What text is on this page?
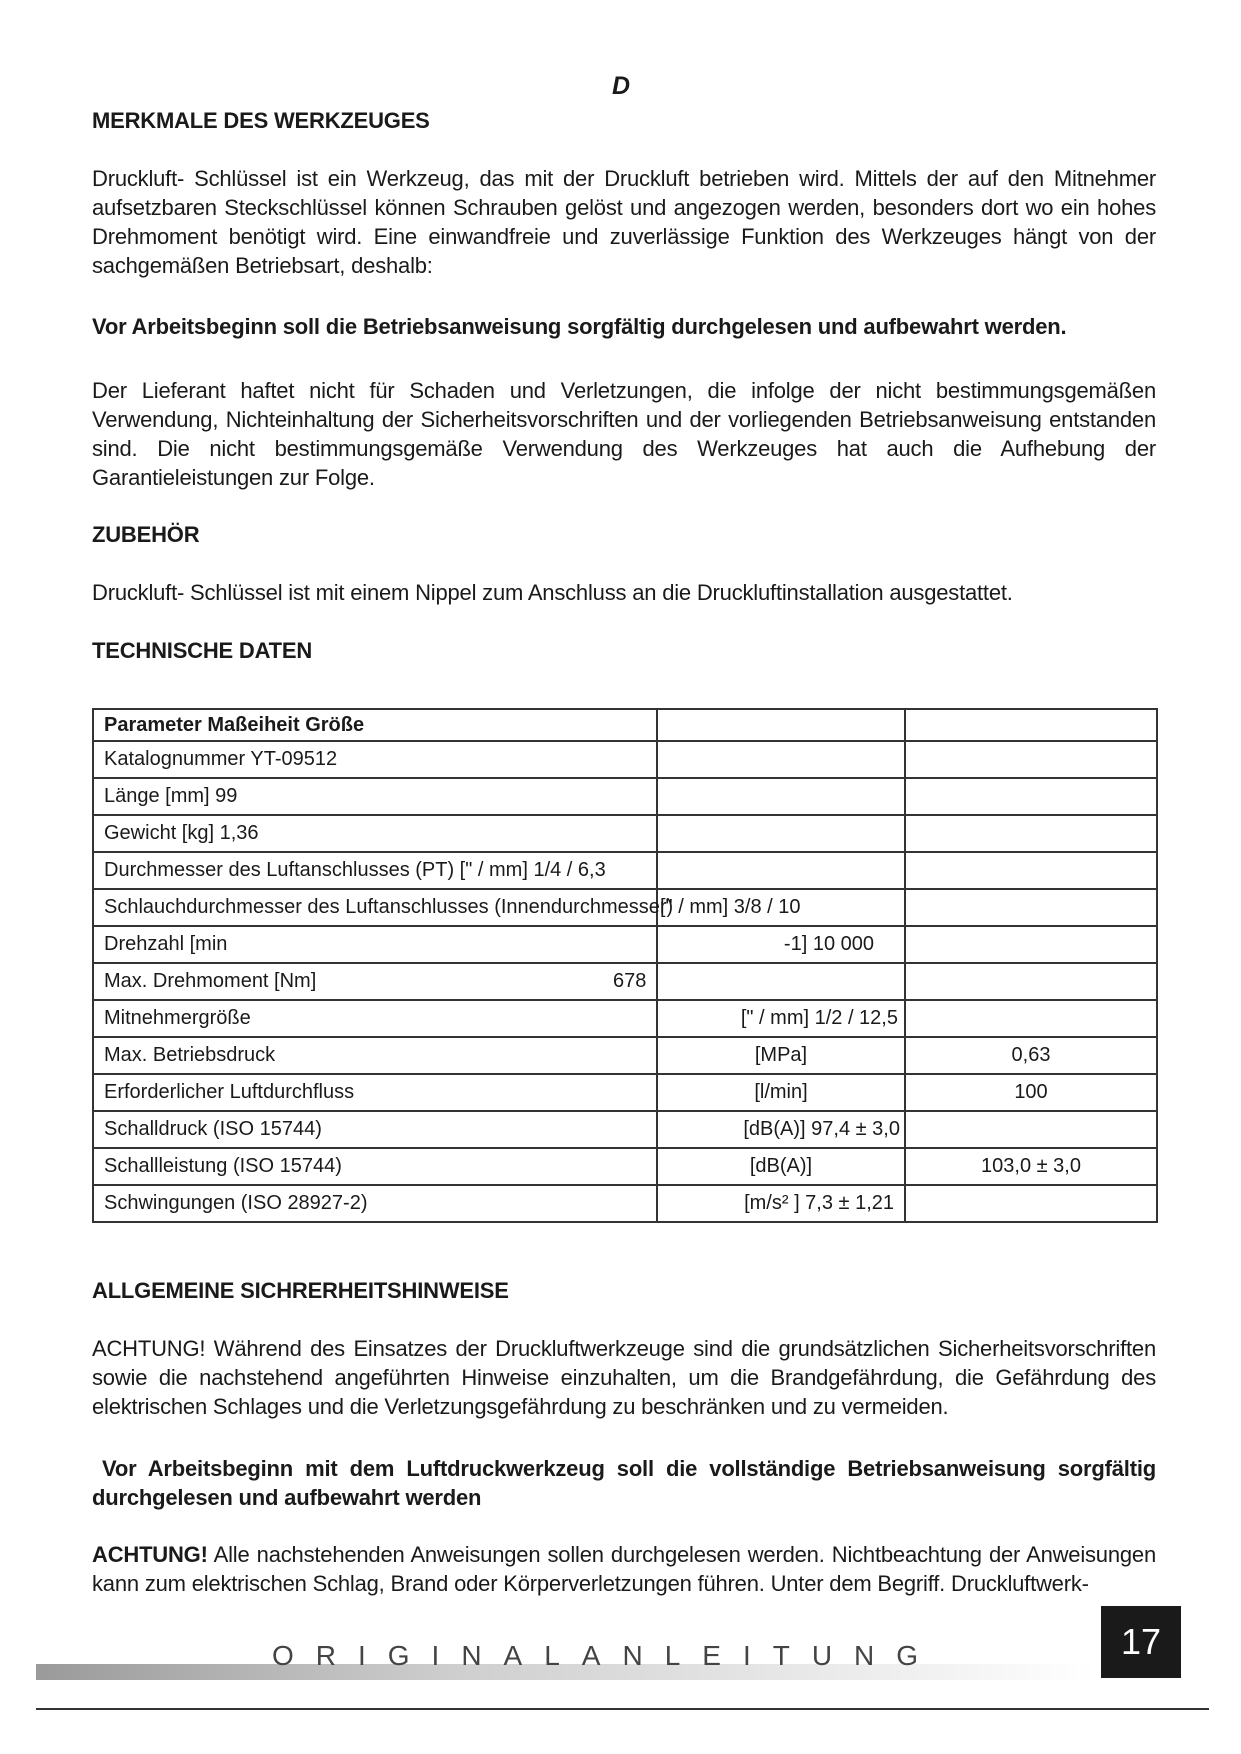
D
MERKMALE DES WERKZEUGES

Druckluft- Schlüssel ist ein Werkzeug, das mit der Druckluft betrieben wird. Mittels der auf den Mitnehmer aufsetzbaren Steckschlüssel können Schrauben gelöst und angezogen werden, besonders dort wo ein hohes Drehmoment benötigt wird. Eine einwandfreie und zuverlässige Funktion des Werkzeuges hängt von der sachgemäßen Betriebsart, deshalb:

Vor Arbeitsbeginn soll die Betriebsanweisung sorgfältig durchgelesen und aufbewahrt werden.

Der Lieferant haftet nicht für Schaden und Verletzungen, die infolge der nicht bestimmungsgemäßen Verwendung, Nichteinhaltung der Sicherheitsvorschriften und der vorliegenden Betriebsanweisung entstanden sind. Die nicht bestimmungsgemäße Verwendung des Werkzeuges hat auch die Aufhebung der Garantieleistungen zur Folge.

ZUBEHÖR

Druckluft- Schlüssel ist mit einem Nippel zum Anschluss an die Druckluftinstallation ausgestattet.

TECHNISCHE DATEN
Parameter Maßeiheit Größe		
Katalognummer YT-09512		
Länge [mm] 99		
Gewicht [kg] 1,36		
Durchmesser des Luftanschlusses (PT) [" / mm] 1/4 / 6,3		
Schlauchdurchmesser des Luftanschlusses (Innendurchmesser)	[" / mm] 3/8 / 10	
Drehzahl [min	-1] 10 000	
Max. Drehmoment [Nm] 678		

Mitnehmergröße	[" / mm] 1/2 / 12,5	
Max. Betriebsdruck	[MPa]	0,63
Erforderlicher Luftdurchfluss	[l/min]	100
Schalldruck (ISO 15744)	[dB(A)] 97,4 ± 3,0	
Schallleistung (ISO 15744)	[dB(A)]	103,0 ± 3,0
Schwingungen (ISO 28927-2)	[m/s² ] 7,3 ± 1,21	
ALLGEMEINE SICHRERHEITSHINWEISE

ACHTUNG! Während des Einsatzes der Druckluftwerkzeuge sind die grundsätzlichen Sicherheitsvorschriften sowie die nachstehend angeführten Hinweise einzuhalten, um die Brandgefährdung, die Gefährdung des elektrischen Schlages und die Verletzungsgefährdung zu beschränken und zu vermeiden.

Vor Arbeitsbeginn mit dem Luftdruckwerkzeug soll die vollständige Betriebsanweisung sorgfältig durchgelesen und aufbewahrt werden

ACHTUNG! Alle nachstehenden Anweisungen sollen durchgelesen werden. Nichtbeachtung der Anweisungen kann zum elektrischen Schlag, Brand oder Körperverletzungen führen. Unter dem Begriff. Druckluftwerk-

ORIGINALANLEITUNG	17
